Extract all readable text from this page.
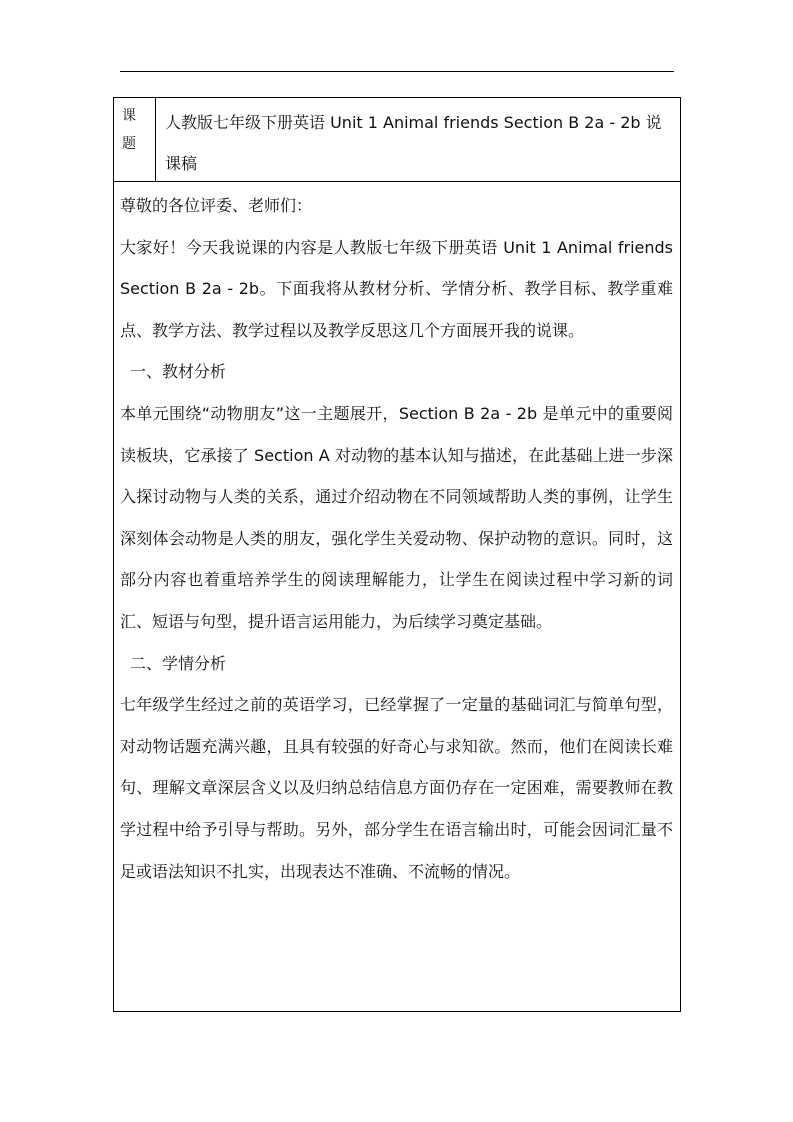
课
题
人教版七年级下册英语 Unit 1 Animal friends Section B 2a - 2b 说课稿

尊敬的各位评委、老师们：

大家好！今天我说课的内容是人教版七年级下册英语 Unit 1 Animal friends Section B 2a - 2b。下面我将从教材分析、学情分析、教学目标、教学重难点、教学方法、教学过程以及教学反思这几个方面展开我的说课。

一、教材分析

本单元围绕“动物朋友”这一主题展开，Section B 2a - 2b 是单元中的重要阅读板块，它承接了 Section A 对动物的基本认知与描述，在此基础上进一步深入探讨动物与人类的关系，通过介绍动物在不同领域帮助人类的事例，让学生深刻体会动物是人类的朋友，强化学生关爱动物、保护动物的意识。同时，这部分内容也着重培养学生的阅读理解能力，让学生在阅读过程中学习新的词汇、短语与句型，提升语言运用能力，为后续学习奠定基础。

二、学情分析

七年级学生经过之前的英语学习，已经掌握了一定量的基础词汇与简单句型，对动物话题充满兴趣，且具有较强的好奇心与求知欲。然而，他们在阅读长难句、理解文章深层含义以及归纳总结信息方面仍存在一定困难，需要教师在教学过程中给予引导与帮助。另外，部分学生在语言输出时，可能会因词汇量不足或语法知识不扎实，出现表达不准确、不流畅的情况。
